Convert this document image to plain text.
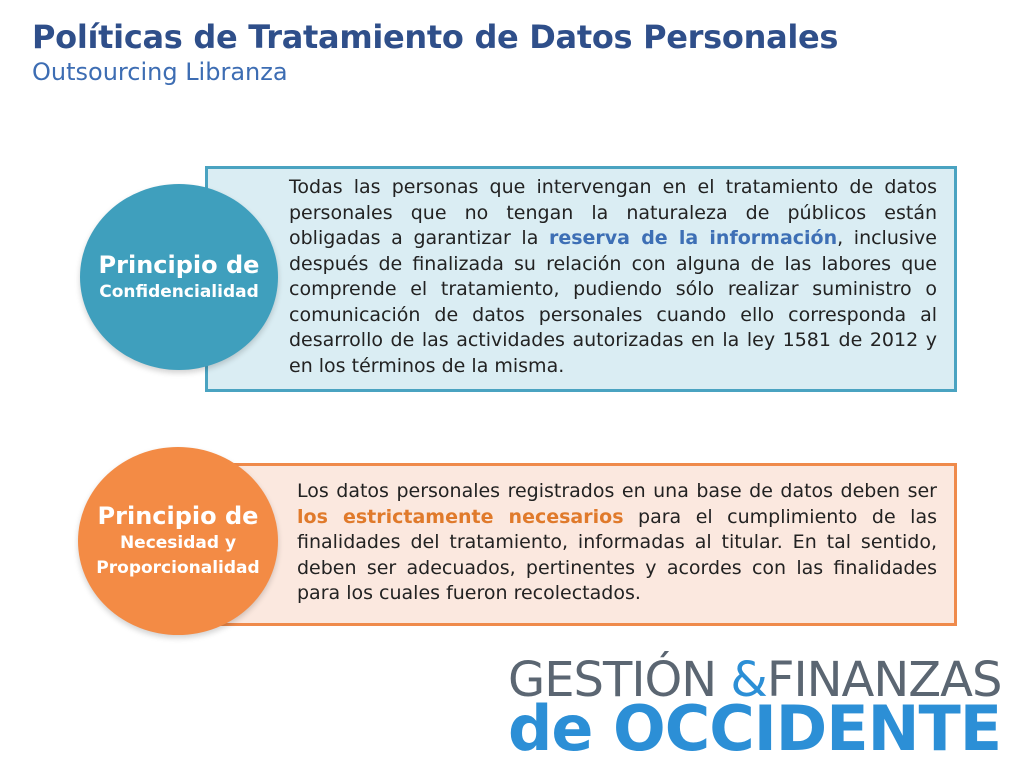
Políticas de Tratamiento de Datos Personales
Outsourcing Libranza
Todas las personas que intervengan en el tratamiento de datos personales que no tengan la naturaleza de públicos están obligadas a garantizar la reserva de la información, inclusive después de finalizada su relación con alguna de las labores que comprende el tratamiento, pudiendo sólo realizar suministro o comunicación de datos personales cuando ello corresponda al desarrollo de las actividades autorizadas en la ley 1581 de 2012 y en los términos de la misma.
Principio de
Confidencialidad
Los datos personales registrados en una base de datos deben ser los estrictamente necesarios para el cumplimiento de las finalidades del tratamiento, informadas al titular. En tal sentido, deben ser adecuados, pertinentes y acordes con las finalidades para los cuales fueron recolectados.
Principio de
Necesidad y
Proporcionalidad
GESTIÓN &FINANZAS
de OCCIDENTE
